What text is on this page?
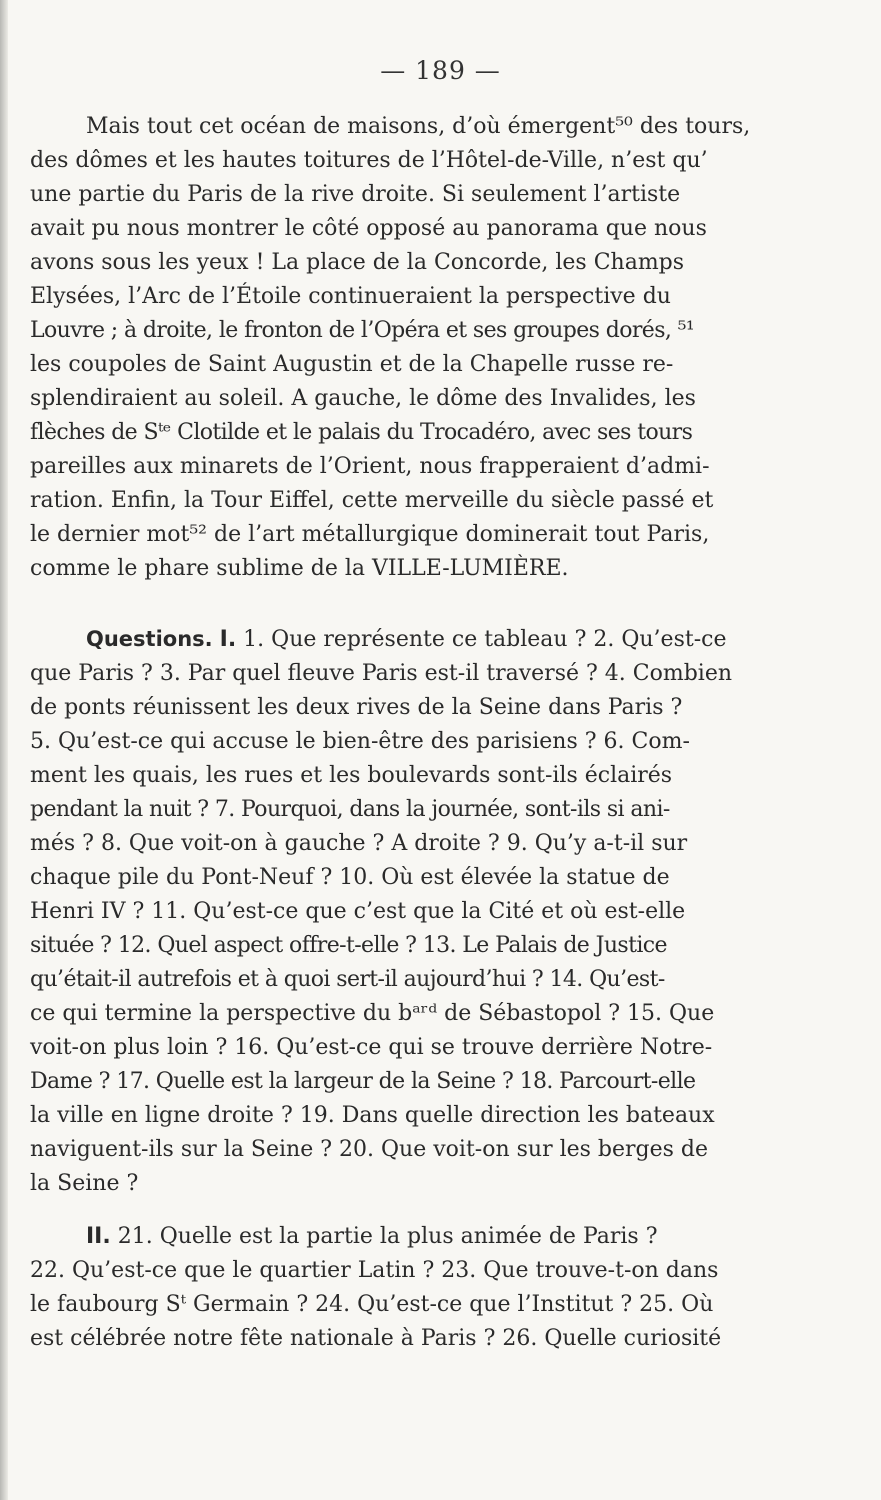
— 189 —
Mais tout cet océan de maisons, d’où émergent⁵⁰ des tours,
des dômes et les hautes toitures de l’Hôtel-de-Ville, n’est qu’
une partie du Paris de la rive droite. Si seulement l’artiste
avait pu nous montrer le côté opposé au panorama que nous
avons sous les yeux ! La place de la Concorde, les Champs
Elysées, l’Arc de l’Étoile continueraient la perspective du
Louvre ; à droite, le fronton de l’Opéra et ses groupes dorés, ⁵¹
les coupoles de Saint Augustin et de la Chapelle russe re-
splendiraient au soleil. A gauche, le dôme des Invalides, les
flèches de Sᵗᵉ Clotilde et le palais du Trocadéro, avec ses tours
pareilles aux minarets de l’Orient, nous frapperaient d’admi-
ration. Enfin, la Tour Eiffel, cette merveille du siècle passé et
le dernier mot⁵² de l’art métallurgique dominerait tout Paris,
comme le phare sublime de la VILLE-LUMIÈRE.
Questions. I. 1. Que représente ce tableau ? 2. Qu’est-ce
que Paris ? 3. Par quel fleuve Paris est-il traversé ? 4. Combien
de ponts réunissent les deux rives de la Seine dans Paris ?
5. Qu’est-ce qui accuse le bien-être des parisiens ? 6. Com-
ment les quais, les rues et les boulevards sont-ils éclairés
pendant la nuit ? 7. Pourquoi, dans la journée, sont-ils si ani-
més ? 8. Que voit-on à gauche ? A droite ? 9. Qu’y a-t-il sur
chaque pile du Pont-Neuf ? 10. Où est élevée la statue de
Henri IV ? 11. Qu’est-ce que c’est que la Cité et où est-elle
située ? 12. Quel aspect offre-t-elle ? 13. Le Palais de Justice
qu’était-il autrefois et à quoi sert-il aujourd’hui ? 14. Qu’est-
ce qui termine la perspective du bᵃʳᵈ de Sébastopol ? 15. Que
voit-on plus loin ? 16. Qu’est-ce qui se trouve derrière Notre-
Dame ? 17. Quelle est la largeur de la Seine ? 18. Parcourt-elle
la ville en ligne droite ? 19. Dans quelle direction les bateaux
naviguent-ils sur la Seine ? 20. Que voit-on sur les berges de
la Seine ?
II. 21. Quelle est la partie la plus animée de Paris ?
22. Qu’est-ce que le quartier Latin ? 23. Que trouve-t-on dans
le faubourg Sᵗ Germain ? 24. Qu’est-ce que l’Institut ? 25. Où
est célébrée notre fête nationale à Paris ? 26. Quelle curiosité
